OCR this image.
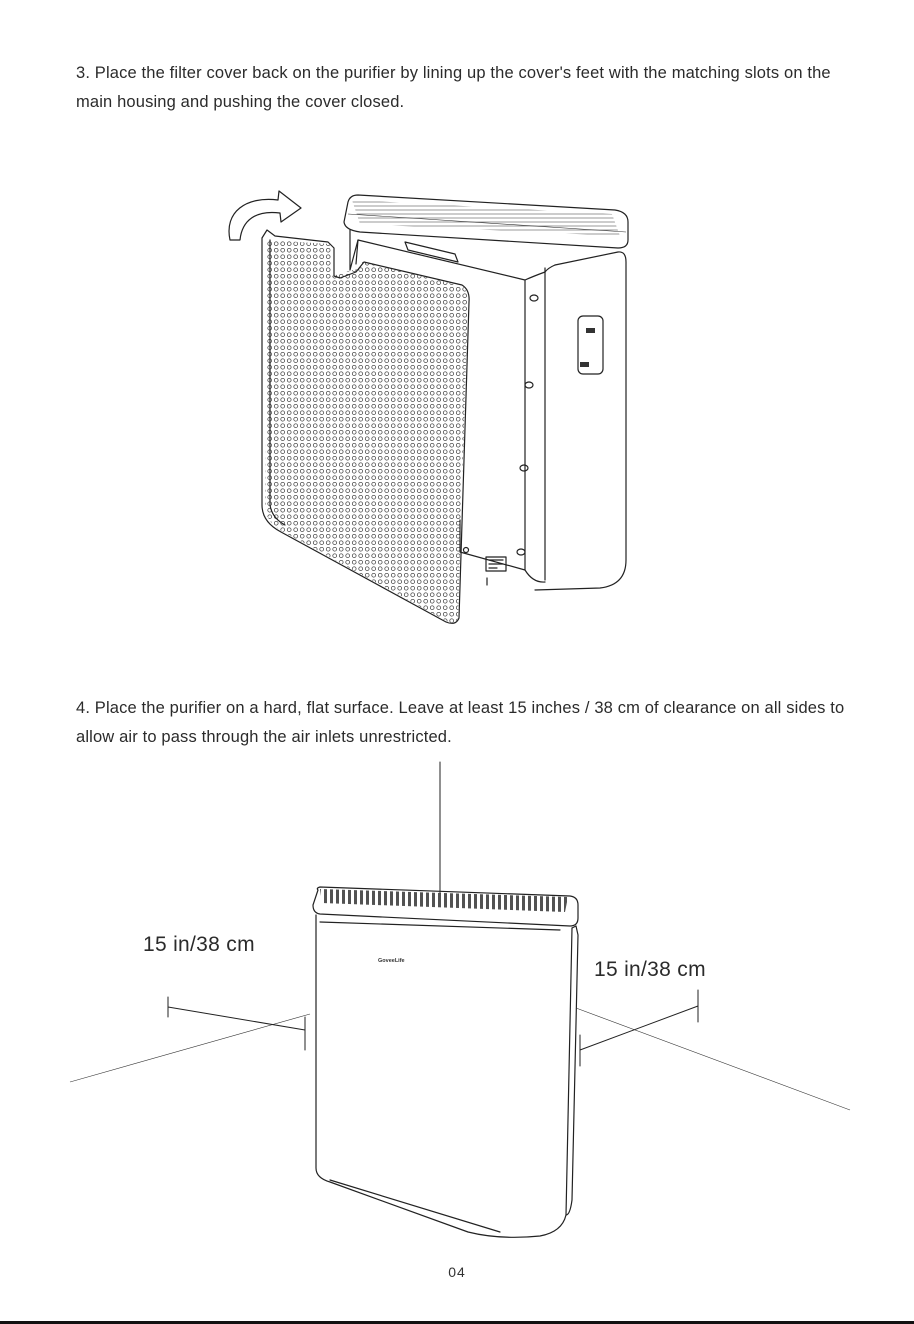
3. Place the filter cover back on the purifier by lining up the cover's feet with the matching slots on the main housing and pushing the cover closed.

4. Place the purifier on a hard, flat surface. Leave at least 15 inches / 38 cm of clearance on all sides to allow air to pass through the air inlets unrestricted.

GoveeLife
15 in/38 cm
15 in/38 cm
04
